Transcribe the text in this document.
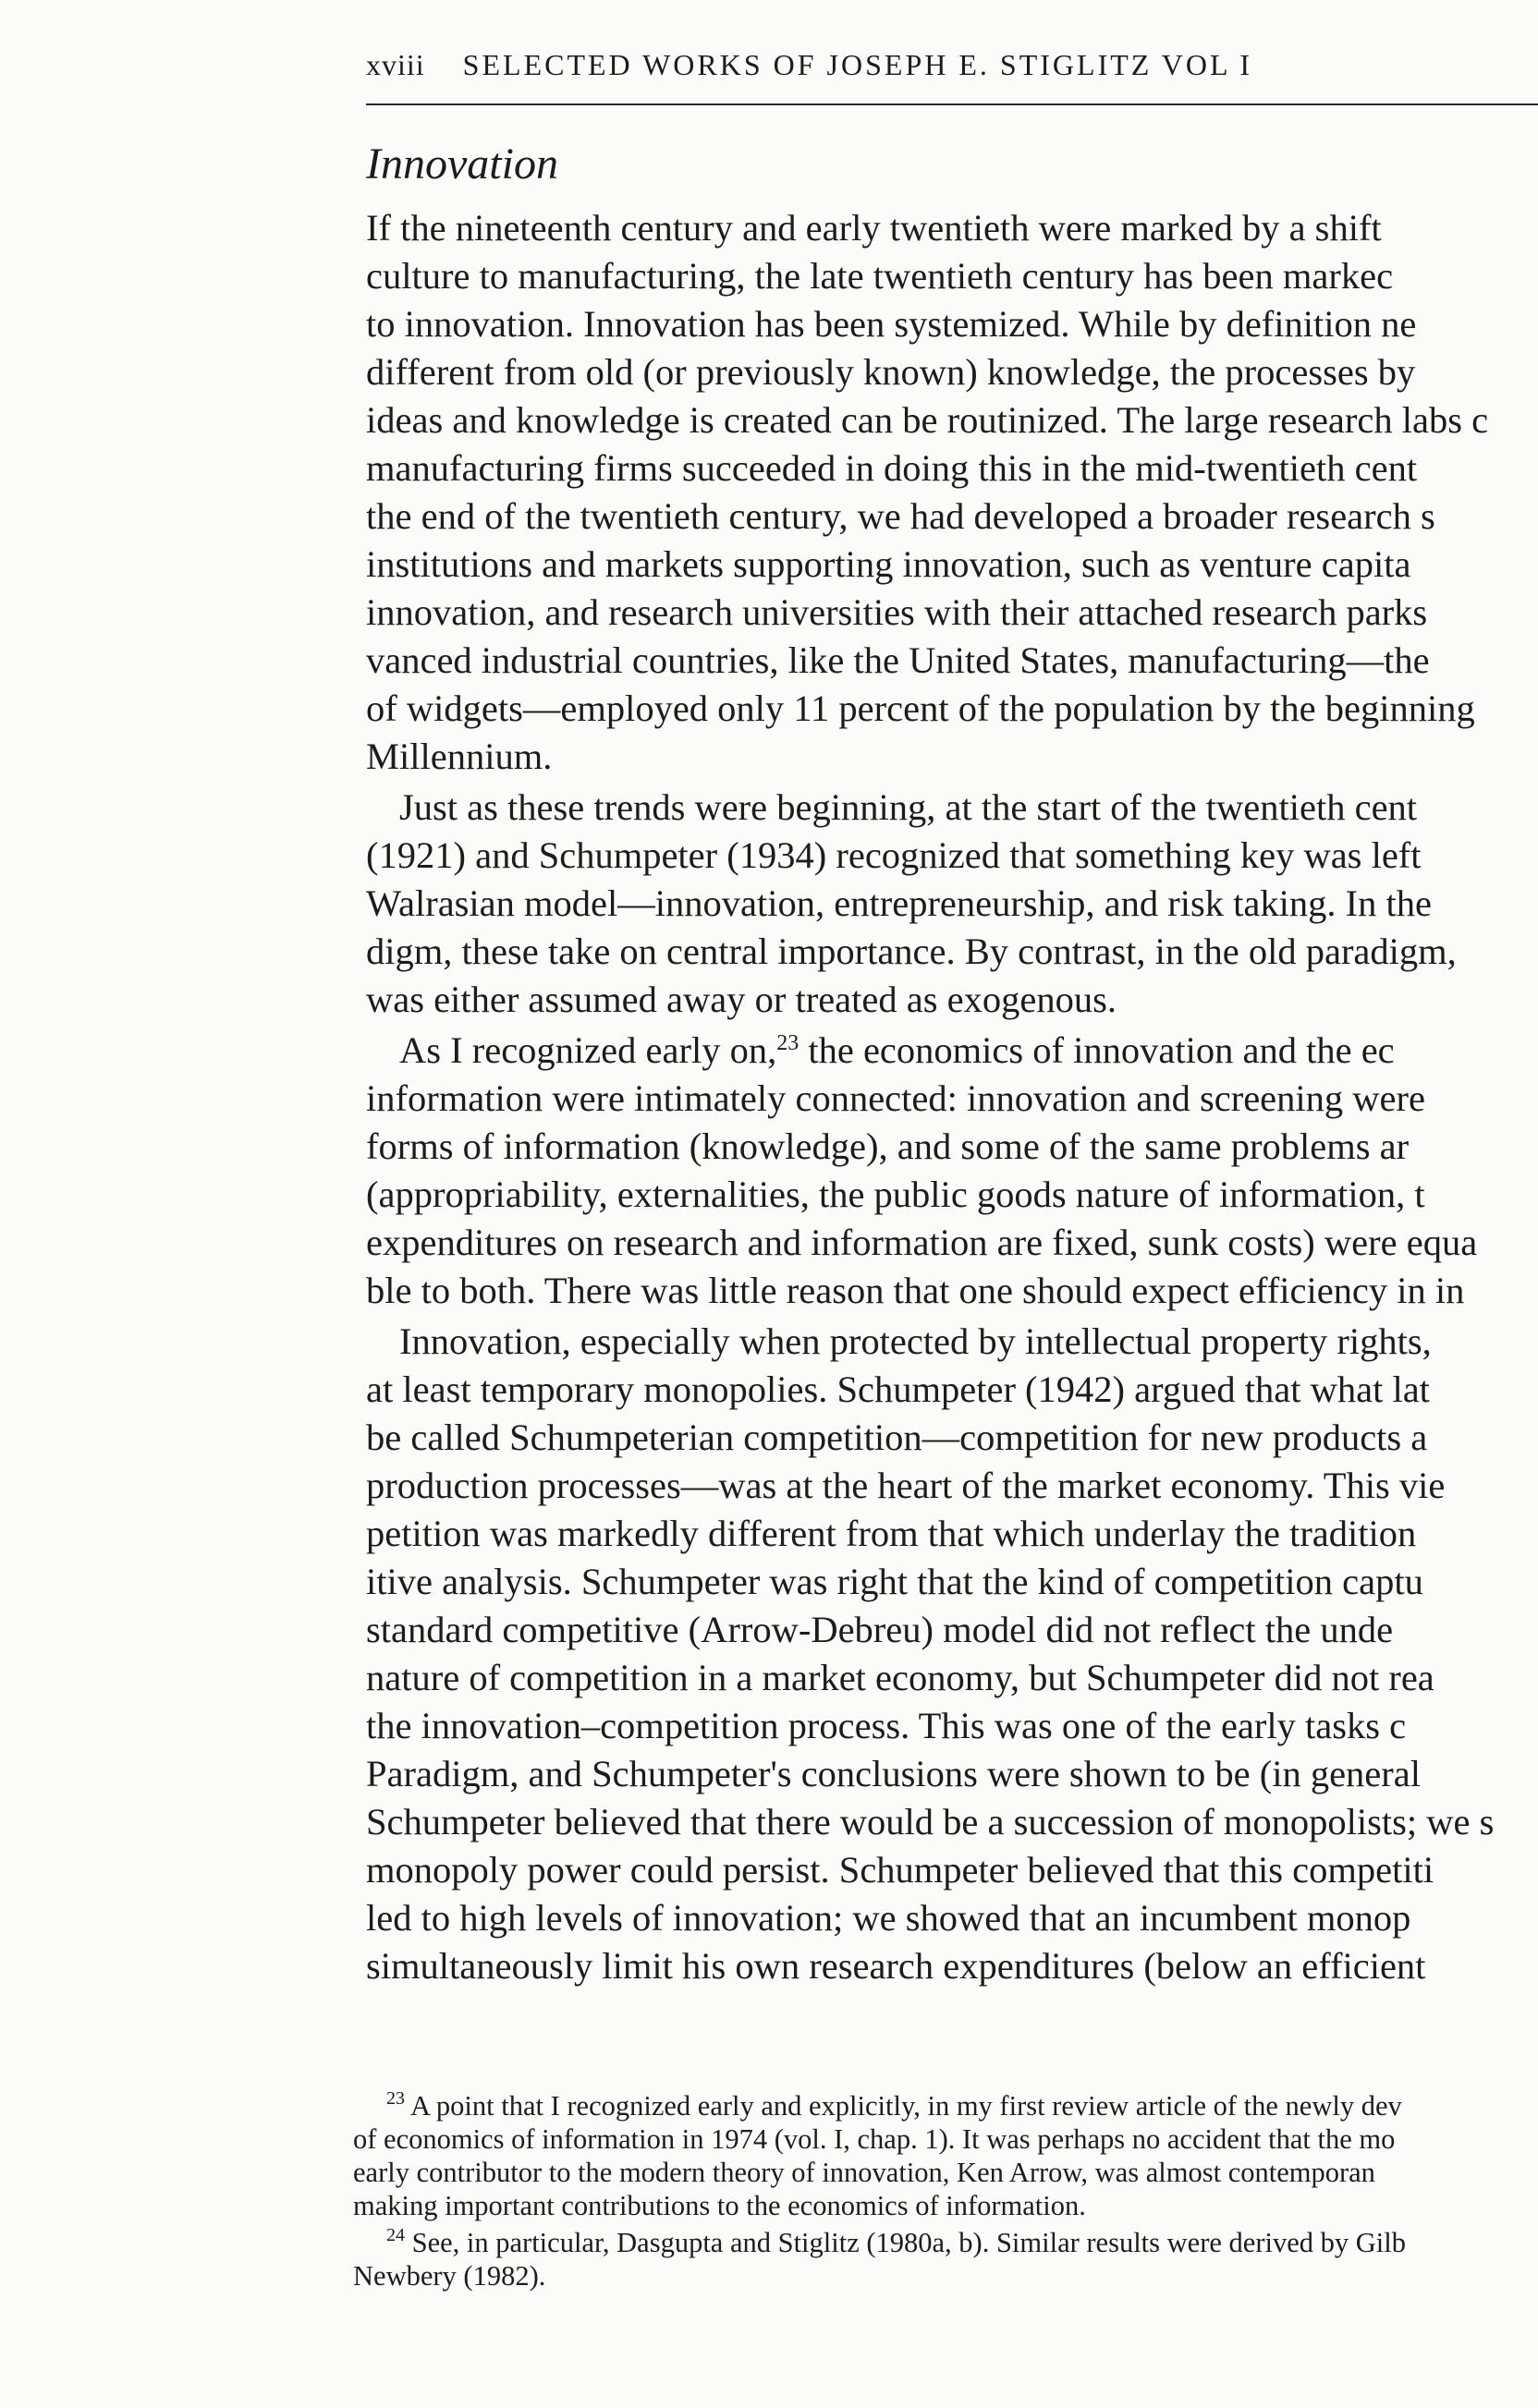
xviii SELECTED WORKS OF JOSEPH E. STIGLITZ VOL I
Innovation
If the nineteenth century and early twentieth were marked by a shift
culture to manufacturing, the late twentieth century has been markec
to innovation. Innovation has been systemized. While by definition ne
different from old (or previously known) knowledge, the processes by
ideas and knowledge is created can be routinized. The large research labs c
manufacturing firms succeeded in doing this in the mid-twentieth cent
the end of the twentieth century, we had developed a broader research s
institutions and markets supporting innovation, such as venture capita
innovation, and research universities with their attached research parks
vanced industrial countries, like the United States, manufacturing—the
of widgets—employed only 11 percent of the population by the beginning
Millennium.
Just as these trends were beginning, at the start of the twentieth cent
(1921) and Schumpeter (1934) recognized that something key was left
Walrasian model—innovation, entrepreneurship, and risk taking. In the
digm, these take on central importance. By contrast, in the old paradigm,
was either assumed away or treated as exogenous.
As I recognized early on,$^{23}$ the economics of innovation and the ec
information were intimately connected: innovation and screening were
forms of information (knowledge), and some of the same problems ar
(appropriability, externalities, the public goods nature of information, t
expenditures on research and information are fixed, sunk costs) were equa
ble to both. There was little reason that one should expect efficiency in in
Innovation, especially when protected by intellectual property rights,
at least temporary monopolies. Schumpeter (1942) argued that what lat
be called Schumpeterian competition—competition for new products a
production processes—was at the heart of the market economy. This vie
petition was markedly different from that which underlay the tradition
itive analysis. Schumpeter was right that the kind of competition captu
standard competitive (Arrow-Debreu) model did not reflect the unde
nature of competition in a market economy, but Schumpeter did not rea
the innovation–competition process. This was one of the early tasks c
Paradigm, and Schumpeter's conclusions were shown to be (in general
Schumpeter believed that there would be a succession of monopolists; we s
monopoly power could persist. Schumpeter believed that this competiti
led to high levels of innovation; we showed that an incumbent monop
simultaneously limit his own research expenditures (below an efficient
$^{23}$ A point that I recognized early and explicitly, in my first review article of the newly dev
of economics of information in 1974 (vol. I, chap. 1). It was perhaps no accident that the mo
early contributor to the modern theory of innovation, Ken Arrow, was almost contemporan
making important contributions to the economics of information.
$^{24}$ See, in particular, Dasgupta and Stiglitz (1980a, b). Similar results were derived by Gilb
Newbery (1982).
